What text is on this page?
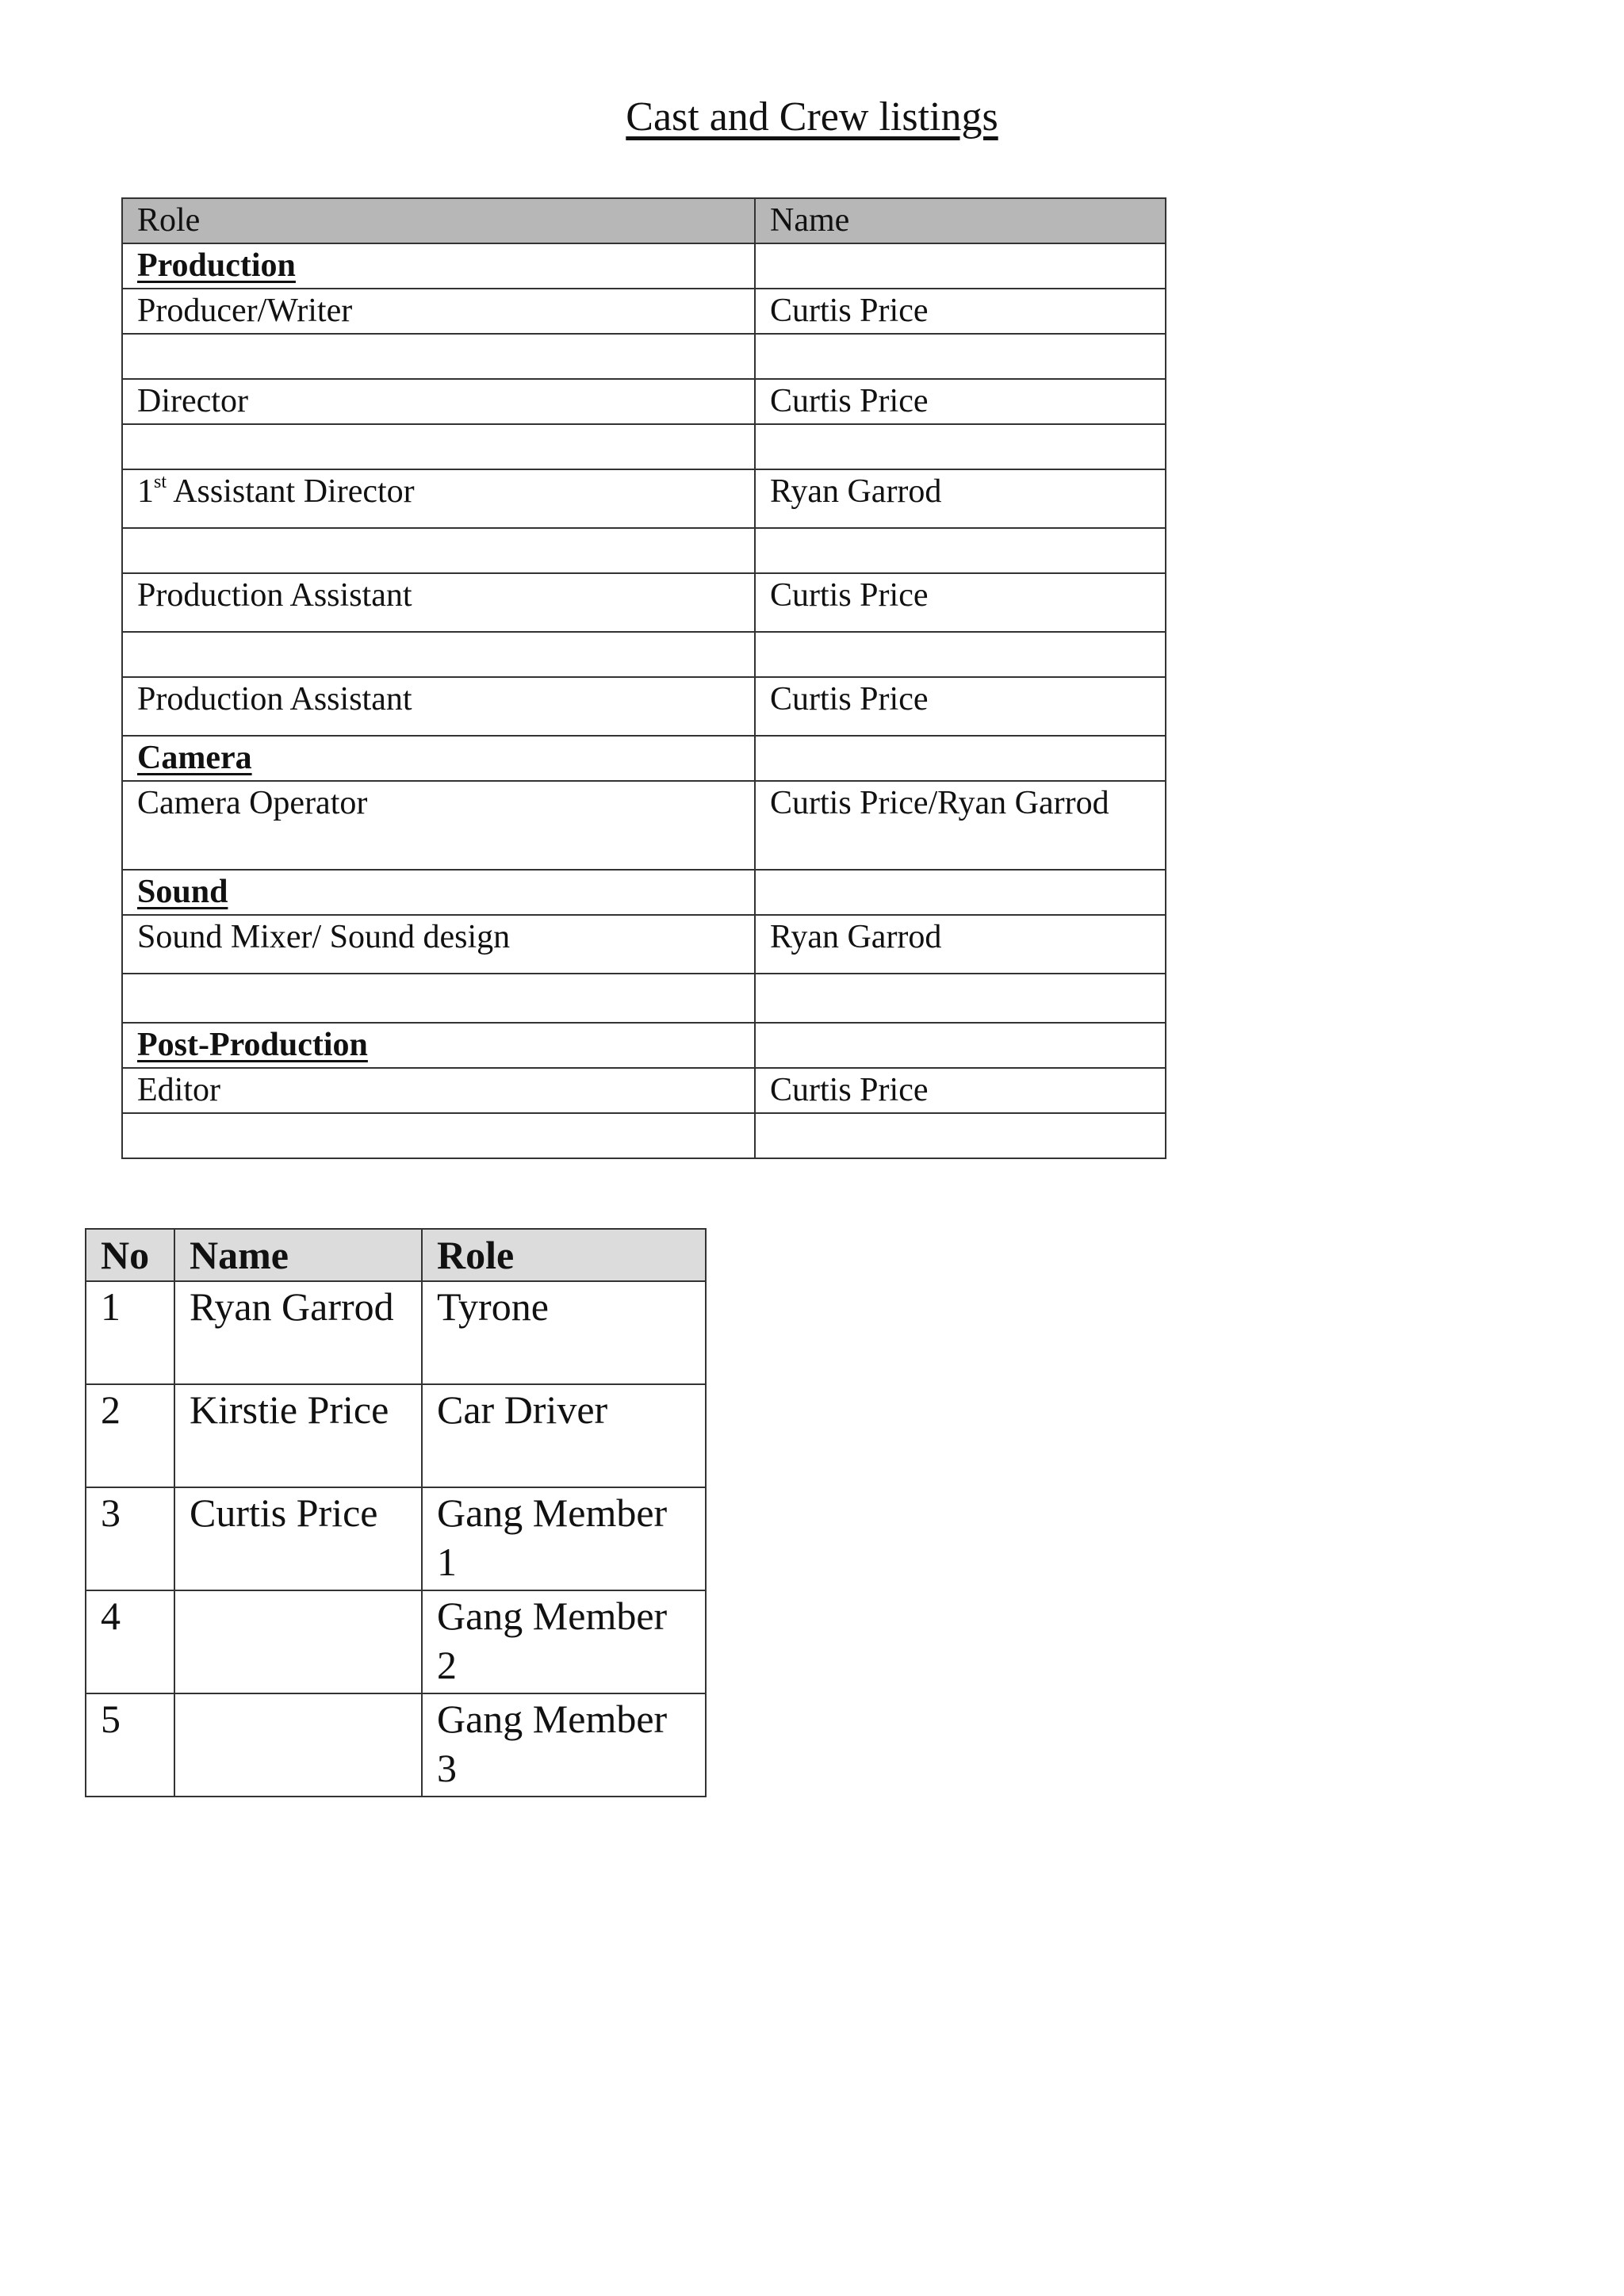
Cast and Crew listings
Role	Name
Production	
Producer/Writer	Curtis Price

Director	Curtis Price

1st Assistant Director	Ryan Garrod

Production Assistant	Curtis Price

Production Assistant	Curtis Price
Camera	
Camera Operator	Curtis Price/Ryan Garrod
Sound	
Sound Mixer/ Sound design	Ryan Garrod

Post-Production	
Editor	Curtis Price

No	Name	Role
1	Ryan Garrod	Tyrone
2	Kirstie Price	Car Driver
3	Curtis Price	Gang Member 1
4		Gang Member 2
5		Gang Member 3
